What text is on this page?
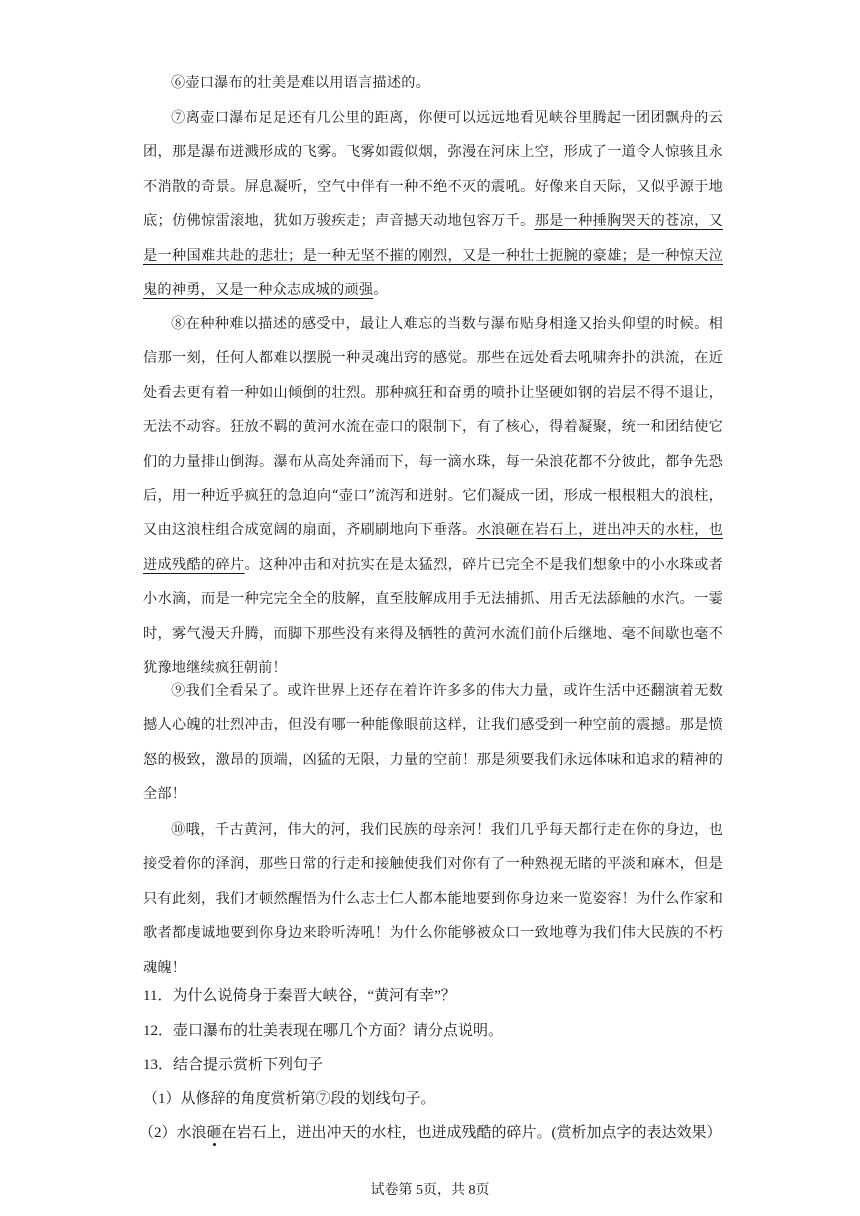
⑥壶口瀑布的壮美是难以用语言描述的。

⑦离壶口瀑布足足还有几公里的距离，你便可以远远地看见峡谷里腾起一团团飘舟的云团，那是瀑布迸溅形成的飞雾。飞雾如霞似烟，弥漫在河床上空，形成了一道令人惊骇且永不消散的奇景。屏息凝听，空气中伴有一种不绝不灭的震吼。好像来自天际，又似乎源于地底；仿佛惊雷滚地，犹如万骏疾走；声音撼天动地包容万千。那是一种捶胸哭天的苍凉，又是一种国难共赴的悲壮；是一种无坚不摧的刚烈，又是一种壮士扼腕的豪雄；是一种惊天泣鬼的神勇，又是一种众志成城的顽强。

⑧在种种难以描述的感受中，最让人难忘的当数与瀑布贴身相逢又抬头仰望的时候。相信那一刻，任何人都难以摆脱一种灵魂出窍的感觉。那些在远处看去吼啸奔扑的洪流，在近处看去更有着一种如山倾倒的壮烈。那种疯狂和奋勇的喷扑让坚硬如钢的岩层不得不退让，无法不动容。狂放不羁的黄河水流在壶口的限制下，有了核心，得着凝聚，统一和团结使它们的力量排山倒海。瀑布从高处奔涌而下，每一滴水珠，每一朵浪花都不分彼此，都争先恐后，用一种近乎疯狂的急迫向“壶口”流泻和迸射。它们凝成一团，形成一根根粗大的浪柱，又由这浪柱组合成宽阔的扇面，齐刷刷地向下垂落。水浪砸在岩石上，迸出冲天的水柱，也迸成残酷的碎片。这种冲击和对抗实在是太猛烈，碎片已完全不是我们想象中的小水珠或者小水滴，而是一种完完全全的肢解，直至肢解成用手无法捕抓、用舌无法舔触的水汽。一霎时，雾气漫天升腾，而脚下那些没有来得及牺牲的黄河水流们前仆后继地、毫不间歇也毫不犹豫地继续疯狂朝前！

⑨我们全看呆了。或许世界上还存在着许许多多的伟大力量，或许生活中还翻演着无数撼人心魄的壮烈冲击，但没有哪一种能像眼前这样，让我们感受到一种空前的震撼。那是愤怒的极致，激昂的顶端，凶猛的无限，力量的空前！那是须要我们永远体味和追求的精神的全部！

⑩哦，千古黄河，伟大的河，我们民族的母亲河！我们几乎每天都行走在你的身边，也接受着你的泽润，那些日常的行走和接触使我们对你有了一种熟视无睹的平淡和麻木，但是只有此刻，我们才顿然醒悟为什么志士仁人都本能地要到你身边来一览姿容！为什么作家和歌者都虔诚地要到你身边来聆听涛吼！为什么你能够被众口一致地尊为我们伟大民族的不朽魂魄！

11．为什么说倚身于秦晋大峡谷，“黄河有幸”？

12．壶口瀑布的壮美表现在哪几个方面？请分点说明。

13．结合提示赏析下列句子

（1）从修辞的角度赏析第⑦段的划线句子。

（2）水浪砸在岩石上，迸出冲天的水柱，也迸成残酷的碎片。(赏析加点字的表达效果）

试卷第 5页，共 8页
